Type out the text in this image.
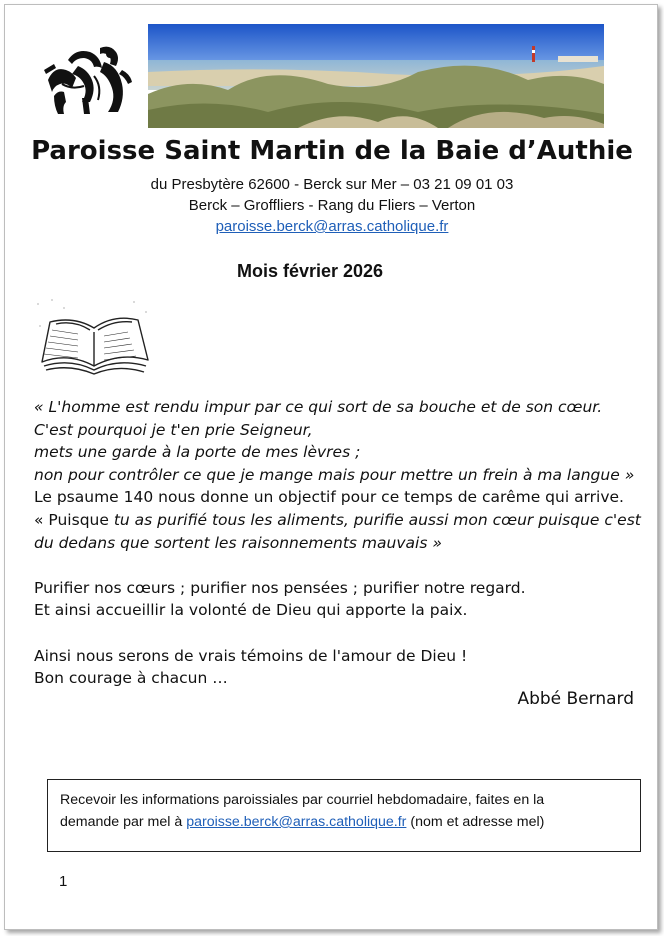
Paroisse Saint Martin de la Baie d’Authie
du Presbytère 62600 - Berck sur Mer – 03 21 09 01 03
Berck – Groffliers - Rang du Fliers – Verton
paroisse.berck@arras.catholique.fr
Mois février 2026

« L'homme est rendu impur par ce qui sort de sa bouche et de son cœur.

C'est pourquoi je t'en prie Seigneur,

mets une garde à la porte de mes lèvres ;

non pour contrôler ce que je mange mais pour mettre un frein à ma langue »

Le psaume 140 nous donne un objectif pour ce temps de carême qui arrive.

« Puisque tu as purifié tous les aliments, purifie aussi mon cœur puisque c'est

du dedans que sortent les raisonnements mauvais »

Purifier nos cœurs ; purifier nos pensées ; purifier notre regard.

Et ainsi accueillir la volonté de Dieu qui apporte la paix.

Ainsi nous serons de vrais témoins de l'amour de Dieu !

Bon courage à chacun …

Abbé Bernard

Recevoir les informations paroissiales par courriel hebdomadaire, faites en la

demande par mel à paroisse.berck@arras.catholique.fr (nom et adresse mel)

1
